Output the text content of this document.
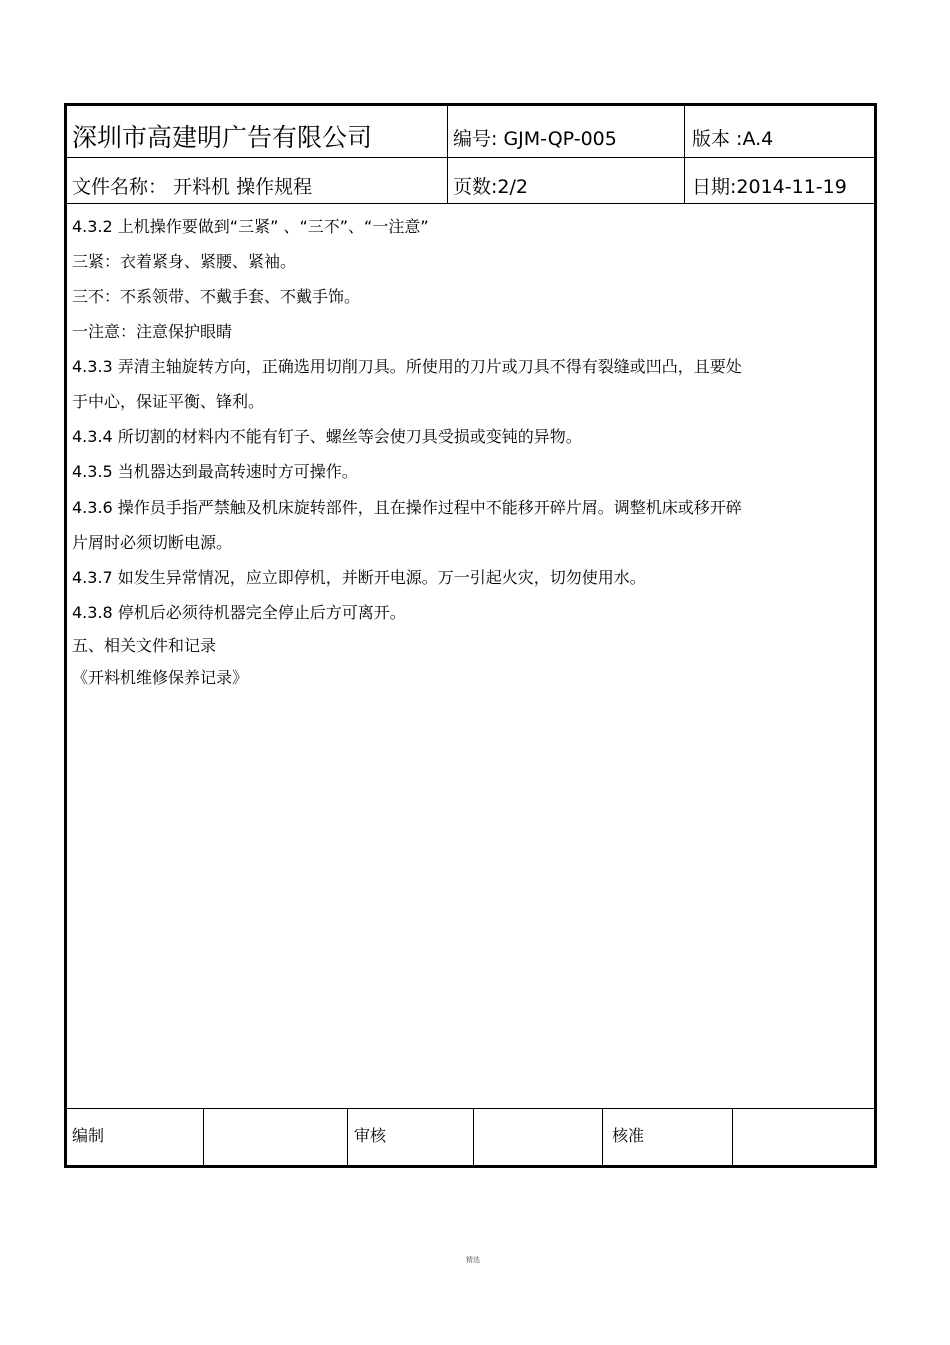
深圳市高建明广告有限公司	编号: GJM-QP-005	版本 :A.4
文件名称： 开料机 操作规程	页数:2/2	日期:2014-11-19
4.3.2 上机操作要做到“三紧” 、“三不”、“一注意”
三紧：衣着紧身、紧腰、紧袖。
三不：不系领带、不戴手套、不戴手饰。
一注意：注意保护眼睛
4.3.3 弄清主轴旋转方向，正确选用切削刀具。所使用的刀片或刀具不得有裂缝或凹凸，且要处
于中心，保证平衡、锋利。
4.3.4 所切割的材料内不能有钉子、螺丝等会使刀具受损或变钝的异物。
4.3.5 当机器达到最高转速时方可操作。
4.3.6 操作员手指严禁触及机床旋转部件，且在操作过程中不能移开碎片屑。调整机床或移开碎
片屑时必须切断电源。
4.3.7 如发生异常情况，应立即停机，并断开电源。万一引起火灾，切勿使用水。
4.3.8 停机后必须待机器完全停止后方可离开。
五、相关文件和记录
《开料机维修保养记录》
编制	审核	核准
精选
